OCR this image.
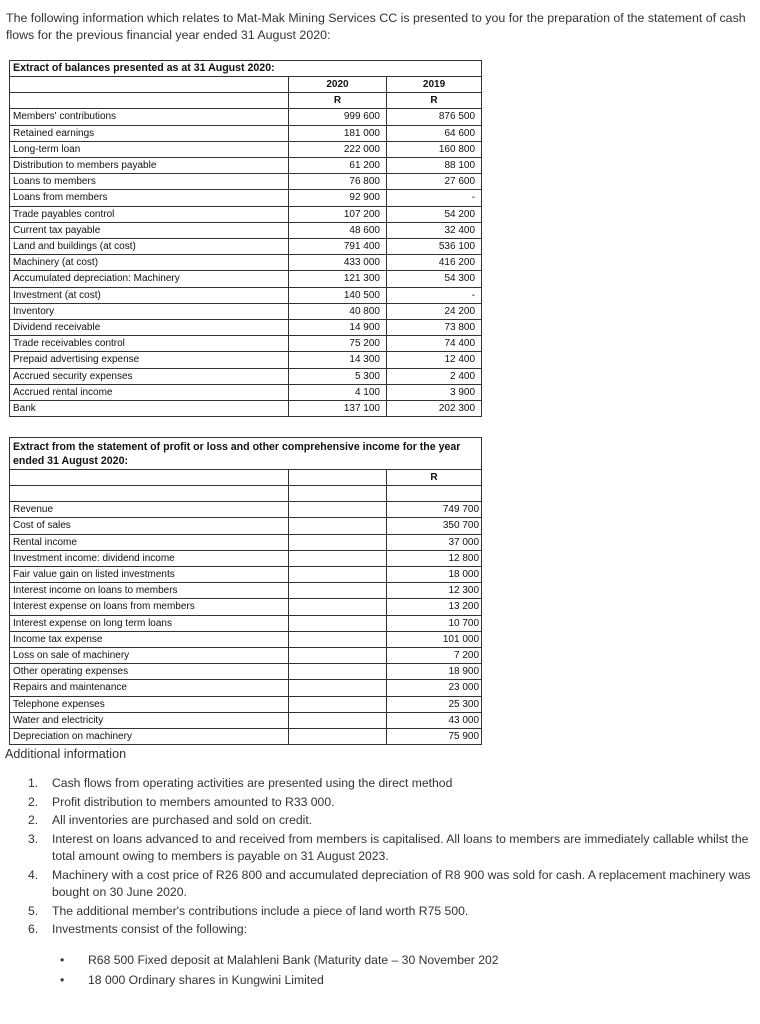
The following information which relates to Mat-Mak Mining Services CC is presented to you for the preparation of the statement of cash flows for the previous financial year ended 31 August 2020:
Extract of balances presented as at 31 August 2020:		
	2020	2019
	R	R
Members' contributions	999 600	876 500
Retained earnings	181 000	64 600
Long-term loan	222 000	160 800
Distribution to members payable	61 200	88 100
Loans to members	76 800	27 600
Loans from members	92 900	-
Trade payables control	107 200	54 200
Current tax payable	48 600	32 400
Land and buildings (at cost)	791 400	536 100
Machinery (at cost)	433 000	416 200
Accumulated depreciation: Machinery	121 300	54 300
Investment (at cost)	140 500	-
Inventory	40 800	24 200
Dividend receivable	14 900	73 800
Trade receivables control	75 200	74 400
Prepaid advertising expense	14 300	12 400
Accrued security expenses	5 300	2 400
Accrued rental income	4 100	3 900
Bank	137 100	202 300
Extract from the statement of profit or loss and other comprehensive income for the year ended 31 August 2020:		
		R

Revenue		749 700
Cost of sales		350 700
Rental income		37 000
Investment income: dividend income		12 800
Fair value gain on listed investments		18 000
Interest income on loans to members		12 300
Interest expense on loans from members		13 200
Interest expense on long term loans		10 700
Income tax expense		101 000
Loss on sale of machinery		7 200
Other operating expenses		18 900
Repairs and maintenance		23 000
Telephone expenses		25 300
Water and electricity		43 000
Depreciation on machinery		75 900
Additional information
1.	Cash flows from operating activities are presented using the direct method
2.	Profit distribution to members amounted to R33 000.
2.	All inventories are purchased and sold on credit.
3.	Interest on loans advanced to and received from members is capitalised. All loans to members are immediately callable whilst the total amount owing to members is payable on 31 August 2023.
4.	Machinery with a cost price of R26 800 and accumulated depreciation of R8 900 was sold for cash. A replacement machinery was bought on 30 June 2020.
5.	The additional member's contributions include a piece of land worth R75 500.
6.	Investments consist of the following:
•	R68 500 Fixed deposit at Malahleni Bank (Maturity date – 30 November 202
•	18 000 Ordinary shares in Kungwini Limited
